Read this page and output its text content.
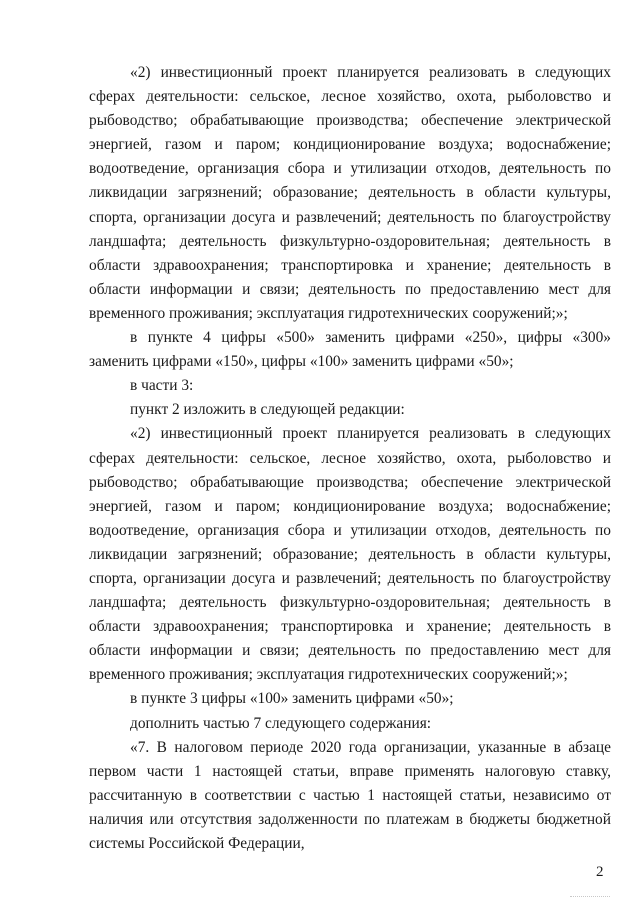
«2) инвестиционный проект планируется реализовать в следующих сферах деятельности: сельское, лесное хозяйство, охота, рыболовство и рыбоводство; обрабатывающие производства; обеспечение электрической энергией, газом и паром; кондиционирование воздуха; водоснабжение; водоотведение, организация сбора и утилизации отходов, деятельность по ликвидации загрязнений; образование; деятельность в области культуры, спорта, организации досуга и развлечений; деятельность по благоустройству ландшафта; деятельность физкультурно-оздоровительная; деятельность в области здравоохранения; транспортировка и хранение; деятельность в области информации и связи; деятельность по предоставлению мест для временного проживания; эксплуатация гидротехнических сооружений;»;

в пункте 4 цифры «500» заменить цифрами «250», цифры «300» заменить цифрами «150», цифры «100» заменить цифрами «50»;

в части 3:

пункт 2 изложить в следующей редакции:

«2) инвестиционный проект планируется реализовать в следующих сферах деятельности: сельское, лесное хозяйство, охота, рыболовство и рыбоводство; обрабатывающие производства; обеспечение электрической энергией, газом и паром; кондиционирование воздуха; водоснабжение; водоотведение, организация сбора и утилизации отходов, деятельность по ликвидации загрязнений; образование; деятельность в области культуры, спорта, организации досуга и развлечений; деятельность по благоустройству ландшафта; деятельность физкультурно-оздоровительная; деятельность в области здравоохранения; транспортировка и хранение; деятельность в области информации и связи; деятельность по предоставлению мест для временного проживания; эксплуатация гидротехнических сооружений;»;

в пункте 3 цифры «100» заменить цифрами «50»;

дополнить частью 7 следующего содержания:

«7. В налоговом периоде 2020 года организации, указанные в абзаце первом части 1 настоящей статьи, вправе применять налоговую ставку, рассчитанную в соответствии с частью 1 настоящей статьи, независимо от наличия или отсутствия задолженности по платежам в бюджеты бюджетной системы Российской Федерации,

2
